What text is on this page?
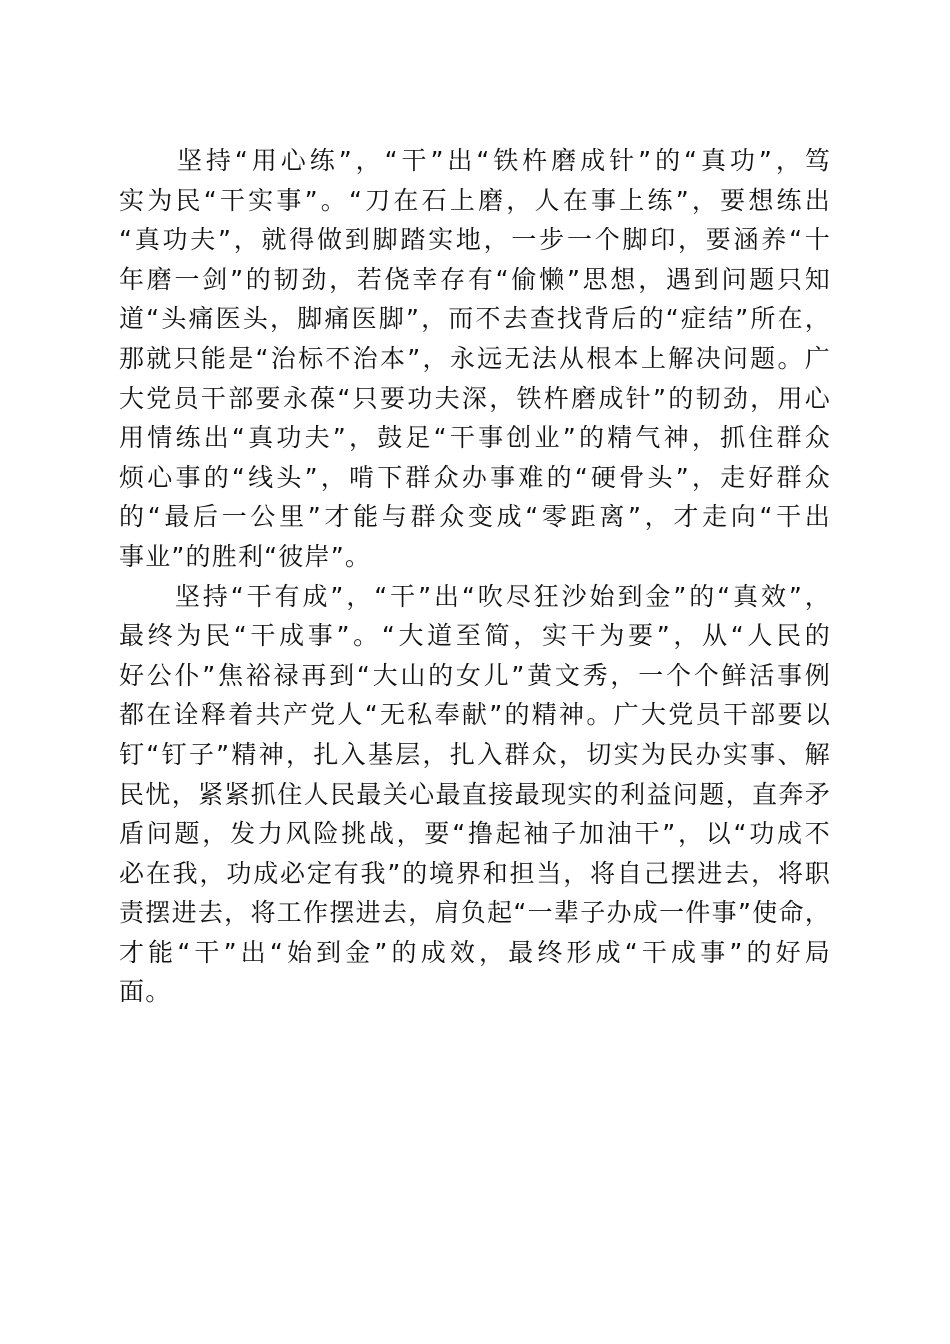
　　坚持“用心练”，“干”出“铁杵磨成针”的“真功”，笃
实为民“干实事”。“刀在石上磨，人在事上练”，要想练出
“真功夫”，就得做到脚踏实地，一步一个脚印，要涵养“十
年磨一剑”的韧劲，若侥幸存有“偷懒”思想，遇到问题只知
道“头痛医头，脚痛医脚”，而不去查找背后的“症结”所在，
那就只能是“治标不治本”，永远无法从根本上解决问题。广
大党员干部要永葆“只要功夫深，铁杵磨成针”的韧劲，用心
用情练出“真功夫”，鼓足“干事创业”的精气神，抓住群众
烦心事的“线头”，啃下群众办事难的“硬骨头”，走好群众
的“最后一公里”才能与群众变成“零距离”，才走向“干出
事业”的胜利“彼岸”。
　　坚持“干有成”，“干”出“吹尽狂沙始到金”的“真效”，
最终为民“干成事”。“大道至简，实干为要”，从“人民的
好公仆”焦裕禄再到“大山的女儿”黄文秀，一个个鲜活事例
都在诠释着共产党人“无私奉献”的精神。广大党员干部要以
钉“钉子”精神，扎入基层，扎入群众，切实为民办实事、解
民忧，紧紧抓住人民最关心最直接最现实的利益问题，直奔矛
盾问题，发力风险挑战，要“撸起袖子加油干”，以“功成不
必在我，功成必定有我”的境界和担当，将自己摆进去，将职
责摆进去，将工作摆进去，肩负起“一辈子办成一件事”使命，
才能“干”出“始到金”的成效，最终形成“干成事”的好局
面。
